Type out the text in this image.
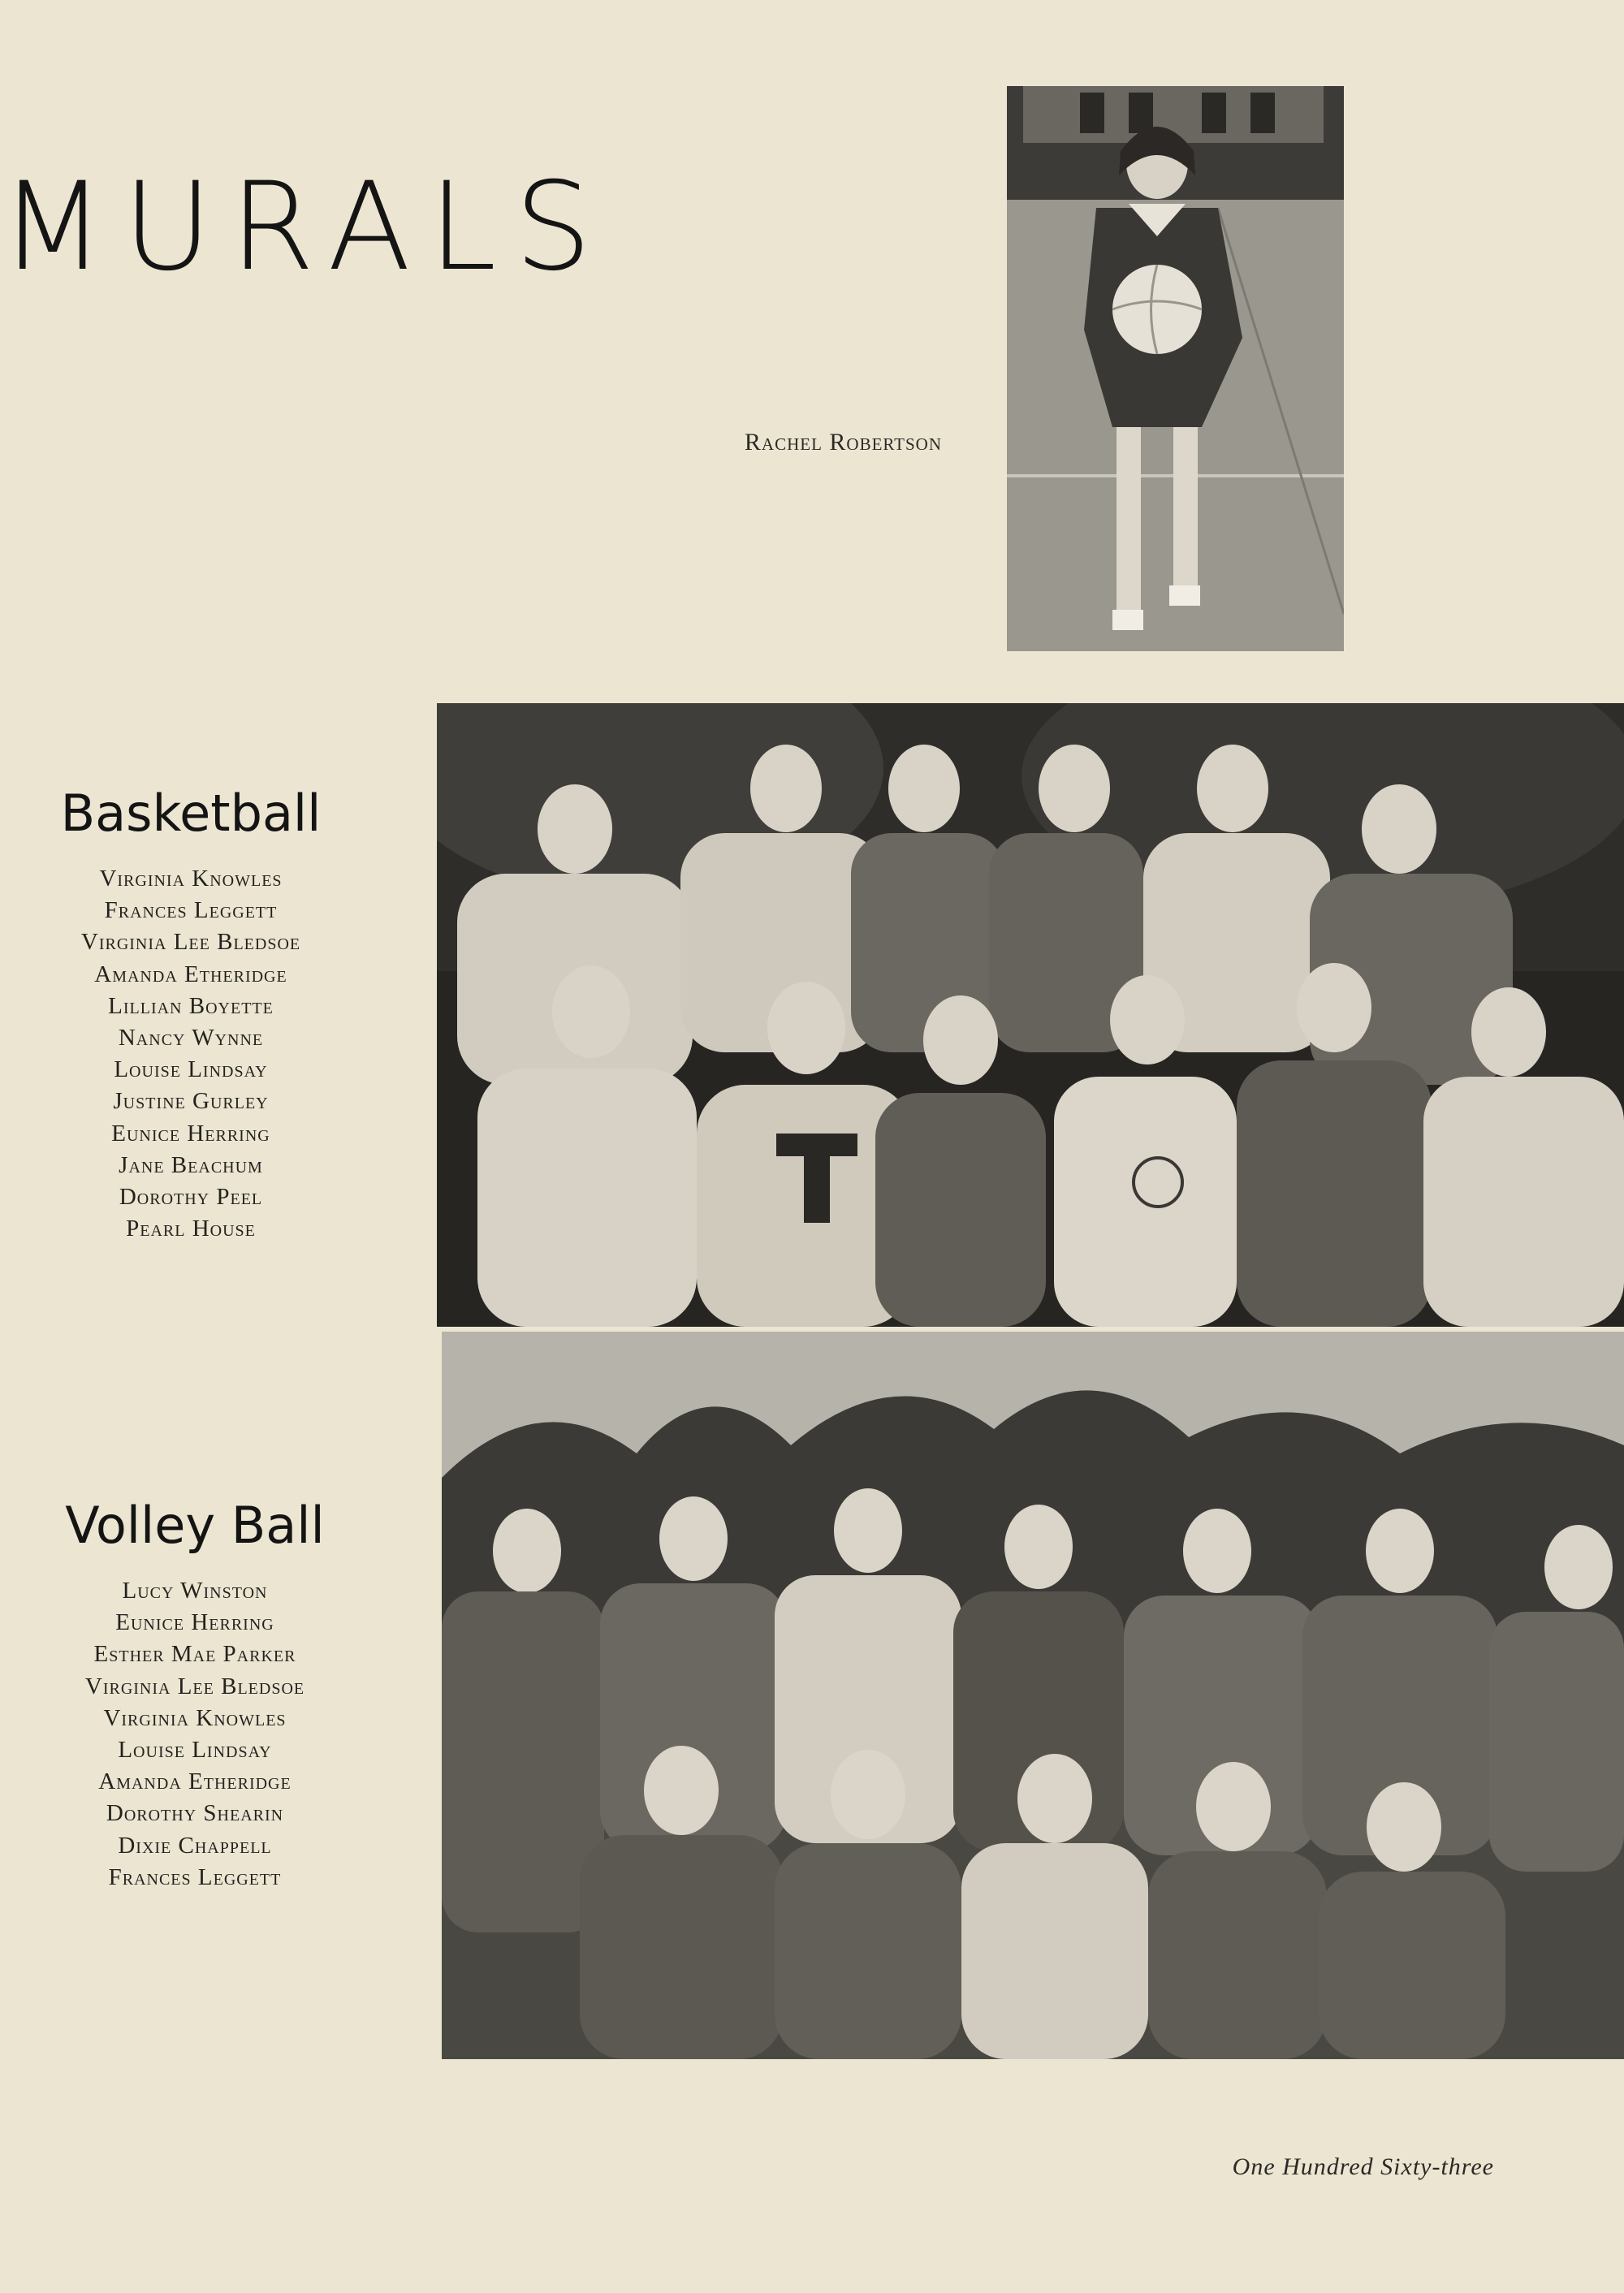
MURALS
Rachel Robertson
Basketball
Virginia Knowles
Frances Leggett
Virginia Lee Bledsoe
Amanda Etheridge
Lillian Boyette
Nancy Wynne
Louise Lindsay
Justine Gurley
Eunice Herring
Jane Beachum
Dorothy Peel
Pearl House
Volley Ball
Lucy Winston
Eunice Herring
Esther Mae Parker
Virginia Lee Bledsoe
Virginia Knowles
Louise Lindsay
Amanda Etheridge
Dorothy Shearin
Dixie Chappell
Frances Leggett
One Hundred Sixty-three
